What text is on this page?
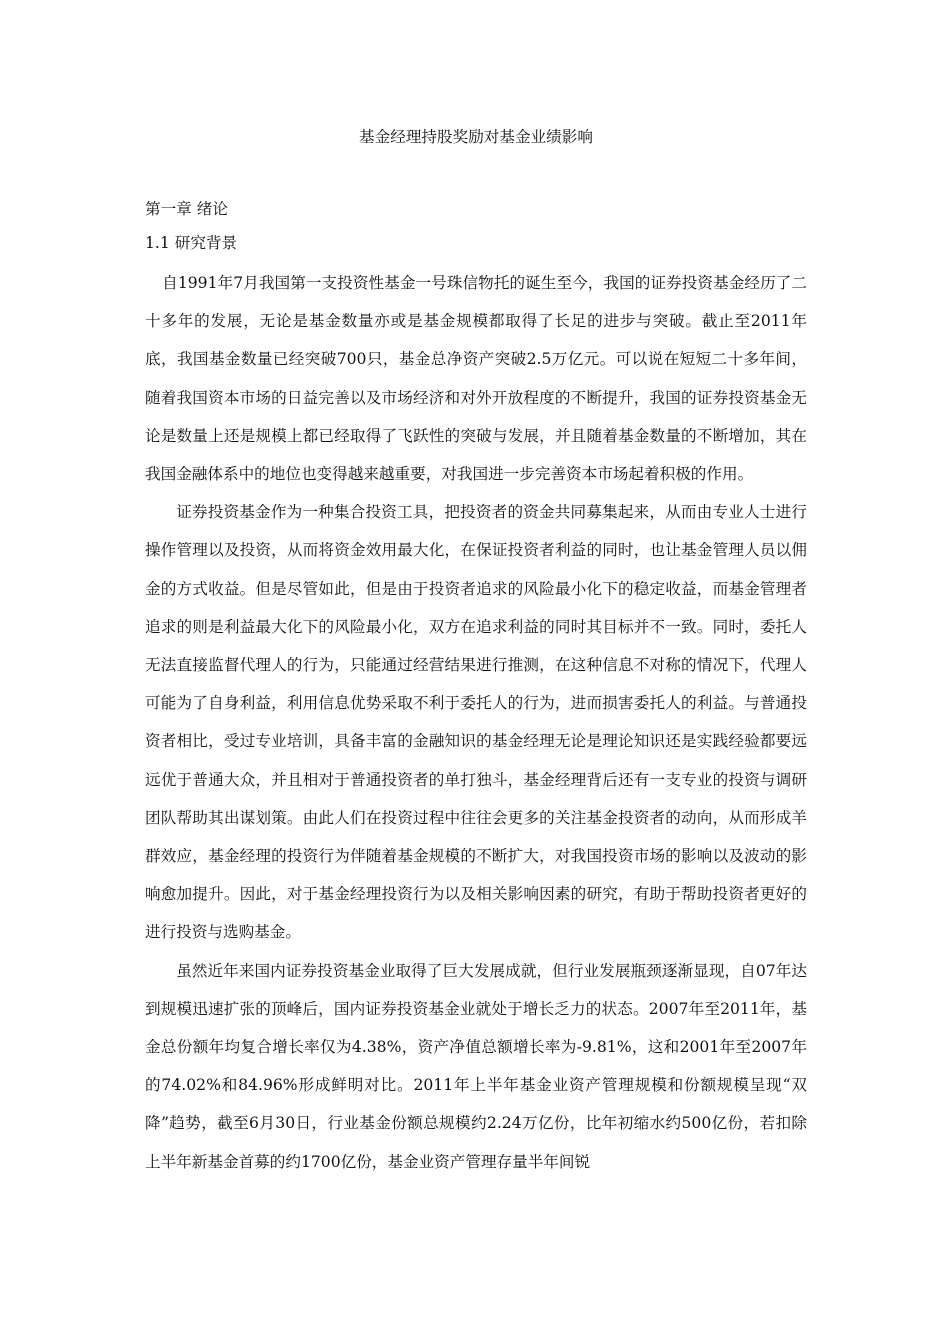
基金经理持股奖励对基金业绩影响
第一章 绪论
1.1 研究背景

自1991年7月我国第一支投资性基金一号珠信物托的诞生至今，我国的证券投资基金经历了二十多年的发展，无论是基金数量亦或是基金规模都取得了长足的进步与突破。截止至2011年底，我国基金数量已经突破700只，基金总净资产突破2.5万亿元。可以说在短短二十多年间，随着我国资本市场的日益完善以及市场经济和对外开放程度的不断提升，我国的证券投资基金无论是数量上还是规模上都已经取得了飞跃性的突破与发展，并且随着基金数量的不断增加，其在我国金融体系中的地位也变得越来越重要，对我国进一步完善资本市场起着积极的作用。

证券投资基金作为一种集合投资工具，把投资者的资金共同募集起来，从而由专业人士进行操作管理以及投资，从而将资金效用最大化，在保证投资者利益的同时，也让基金管理人员以佣金的方式收益。但是尽管如此，但是由于投资者追求的风险最小化下的稳定收益，而基金管理者追求的则是利益最大化下的风险最小化，双方在追求利益的同时其目标并不一致。同时，委托人无法直接监督代理人的行为，只能通过经营结果进行推测，在这种信息不对称的情况下，代理人可能为了自身利益，利用信息优势采取不利于委托人的行为，进而损害委托人的利益。与普通投资者相比，受过专业培训，具备丰富的金融知识的基金经理无论是理论知识还是实践经验都要远远优于普通大众，并且相对于普通投资者的单打独斗，基金经理背后还有一支专业的投资与调研团队帮助其出谋划策。由此人们在投资过程中往往会更多的关注基金投资者的动向，从而形成羊群效应，基金经理的投资行为伴随着基金规模的不断扩大，对我国投资市场的影响以及波动的影响愈加提升。因此，对于基金经理投资行为以及相关影响因素的研究，有助于帮助投资者更好的进行投资与选购基金。

虽然近年来国内证券投资基金业取得了巨大发展成就，但行业发展瓶颈逐渐显现，自07年达到规模迅速扩张的顶峰后，国内证券投资基金业就处于增长乏力的状态。2007年至2011年，基金总份额年均复合增长率仅为4.38%，资产净值总额增长率为-9.81%，这和2001年至2007年的74.02%和84.96%形成鲜明对比。2011年上半年基金业资产管理规模和份额规模呈现“双降”趋势，截至6月30日，行业基金份额总规模约2.24万亿份，比年初缩水约500亿份，若扣除上半年新基金首募的约1700亿份，基金业资产管理存量半年间锐
